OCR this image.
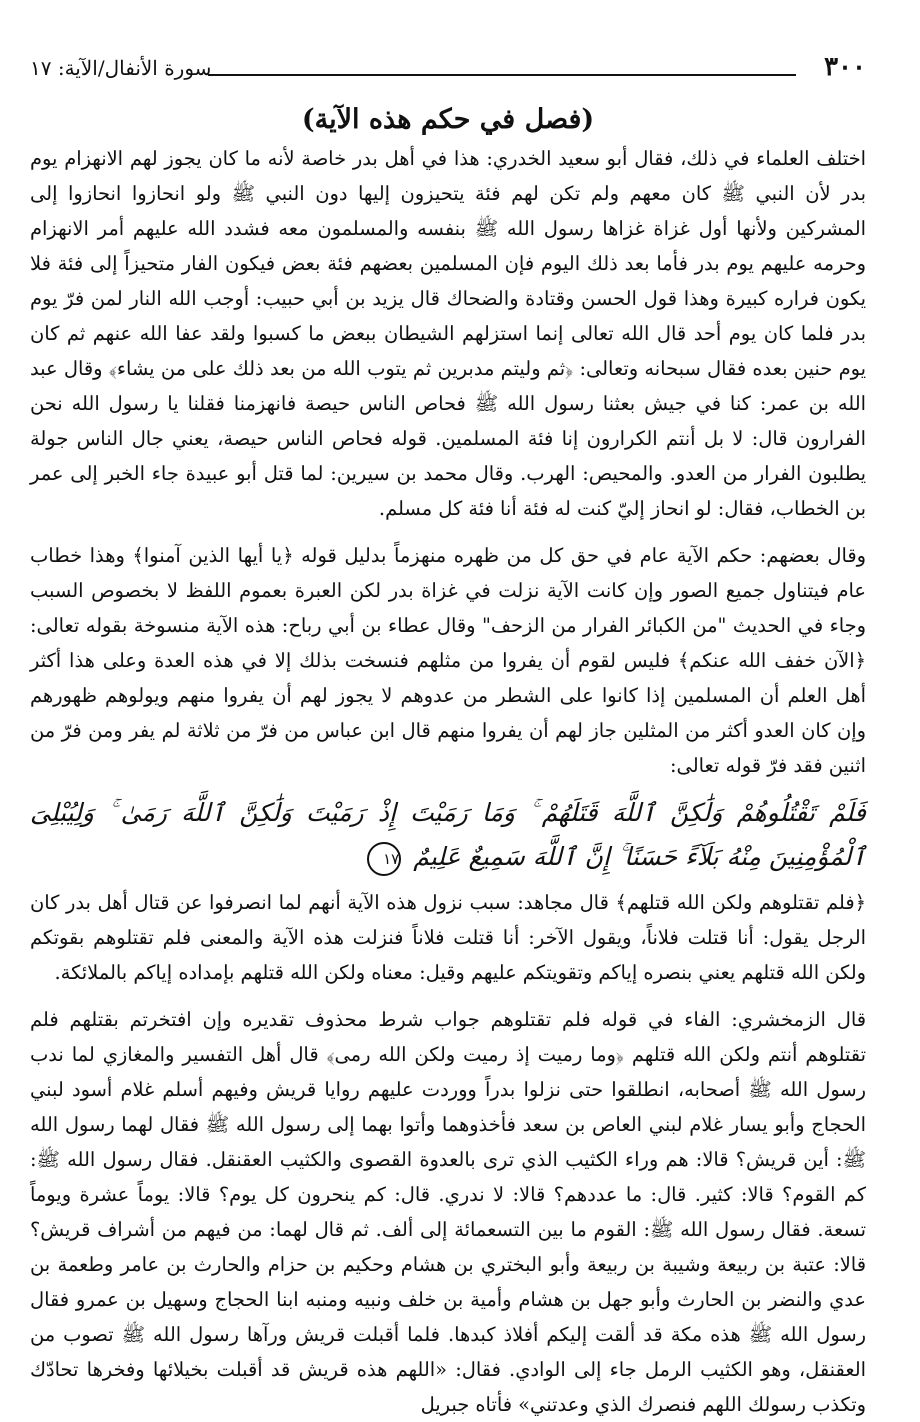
٣٠٠
سورة الأنفال/الآية: ١٧
(فصل في حكم هذه الآية)

اختلف العلماء في ذلك، فقال أبو سعيد الخدري: هذا في أهل بدر خاصة لأنه ما كان يجوز لهم الانهزام يوم بدر لأن النبي ﷺ كان معهم ولم تكن لهم فئة يتحيزون إليها دون النبي ﷺ ولو انحازوا انحازوا إلى المشركين ولأنها أول غزاة غزاها رسول الله ﷺ بنفسه والمسلمون معه فشدد الله عليهم أمر الانهزام وحرمه عليهم يوم بدر فأما بعد ذلك اليوم فإن المسلمين بعضهم فئة بعض فيكون الفار متحيزاً إلى فئة فلا يكون فراره كبيرة وهذا قول الحسن وقتادة والضحاك قال يزيد بن أبي حبيب: أوجب الله النار لمن فرّ يوم بدر فلما كان يوم أحد قال الله تعالى إنما استزلهم الشيطان ببعض ما كسبوا ولقد عفا الله عنهم ثم كان يوم حنين بعده فقال سبحانه وتعالى: ﴿ثم وليتم مدبرين ثم يتوب الله من بعد ذلك على من يشاء﴾ وقال عبد الله بن عمر: كنا في جيش بعثنا رسول الله ﷺ فحاص الناس حيصة فانهزمنا فقلنا يا رسول الله نحن الفرارون قال: لا بل أنتم الكرارون إنا فئة المسلمين. قوله فحاص الناس حيصة، يعني جال الناس جولة يطلبون الفرار من العدو. والمحيص: الهرب. وقال محمد بن سيرين: لما قتل أبو عبيدة جاء الخبر إلى عمر بن الخطاب، فقال: لو انحاز إليّ كنت له فئة أنا فئة كل مسلم.

وقال بعضهم: حكم الآية عام في حق كل من ظهره منهزماً بدليل قوله ﴿يا أيها الذين آمنوا﴾ وهذا خطاب عام فيتناول جميع الصور وإن كانت الآية نزلت في غزاة بدر لكن العبرة بعموم اللفظ لا بخصوص السبب وجاء في الحديث "من الكبائر الفرار من الزحف" وقال عطاء بن أبي رباح: هذه الآية منسوخة بقوله تعالى: ﴿الآن خفف الله عنكم﴾ فليس لقوم أن يفروا من مثلهم فنسخت بذلك إلا في هذه العدة وعلى هذا أكثر أهل العلم أن المسلمين إذا كانوا على الشطر من عدوهم لا يجوز لهم أن يفروا منهم ويولوهم ظهورهم وإن كان العدو أكثر من المثلين جاز لهم أن يفروا منهم قال ابن عباس من فرّ من ثلاثة لم يفر ومن فرّ من اثنين فقد فرّ قوله تعالى:

فَلَمْ تَقْتُلُوهُمْ وَلَٰكِنَّ ٱللَّهَ قَتَلَهُمْ ۚ وَمَا رَمَيْتَ إِذْ رَمَيْتَ وَلَٰكِنَّ ٱللَّهَ رَمَىٰ ۚ وَلِيُبْلِىَ ٱلْمُؤْمِنِينَ مِنْهُ بَلَآءً حَسَنًا ۚ إِنَّ ٱللَّهَ سَمِيعٌ عَلِيمٌ ١٧

﴿فلم تقتلوهم ولكن الله قتلهم﴾ قال مجاهد: سبب نزول هذه الآية أنهم لما انصرفوا عن قتال أهل بدر كان الرجل يقول: أنا قتلت فلاناً، ويقول الآخر: أنا قتلت فلاناً فنزلت هذه الآية والمعنى فلم تقتلوهم بقوتكم ولكن الله قتلهم يعني بنصره إياكم وتقويتكم عليهم وقيل: معناه ولكن الله قتلهم بإمداده إياكم بالملائكة.

قال الزمخشري: الفاء في قوله فلم تقتلوهم جواب شرط محذوف تقديره وإن افتخرتم بقتلهم فلم تقتلوهم أنتم ولكن الله قتلهم ﴿وما رميت إذ رميت ولكن الله رمى﴾ قال أهل التفسير والمغازي لما ندب رسول الله ﷺ أصحابه، انطلقوا حتى نزلوا بدراً ووردت عليهم روايا قريش وفيهم أسلم غلام أسود لبني الحجاج وأبو يسار غلام لبني العاص بن سعد فأخذوهما وأتوا بهما إلى رسول الله ﷺ فقال لهما رسول الله ﷺ: أين قريش؟ قالا: هم وراء الكثيب الذي ترى بالعدوة القصوى والكثيب العقنقل. فقال رسول الله ﷺ: كم القوم؟ قالا: كثير. قال: ما عددهم؟ قالا: لا ندري. قال: كم ينحرون كل يوم؟ قالا: يوماً عشرة ويوماً تسعة. فقال رسول الله ﷺ: القوم ما بين التسعمائة إلى ألف. ثم قال لهما: من فيهم من أشراف قريش؟ قالا: عتبة بن ربيعة وشيبة بن ربيعة وأبو البختري بن هشام وحكيم بن حزام والحارث بن عامر وطعمة بن عدي والنضر بن الحارث وأبو جهل بن هشام وأمية بن خلف ونبيه ومنبه ابنا الحجاج وسهيل بن عمرو فقال رسول الله ﷺ هذه مكة قد ألقت إليكم أفلاذ كبدها. فلما أقبلت قريش ورآها رسول الله ﷺ تصوب من العقنقل، وهو الكثيب الرمل جاء إلى الوادي. فقال: «اللهم هذه قريش قد أقبلت بخيلائها وفخرها تحادّك وتكذب رسولك اللهم فنصرك الذي وعدتني» فأتاه جبريل
